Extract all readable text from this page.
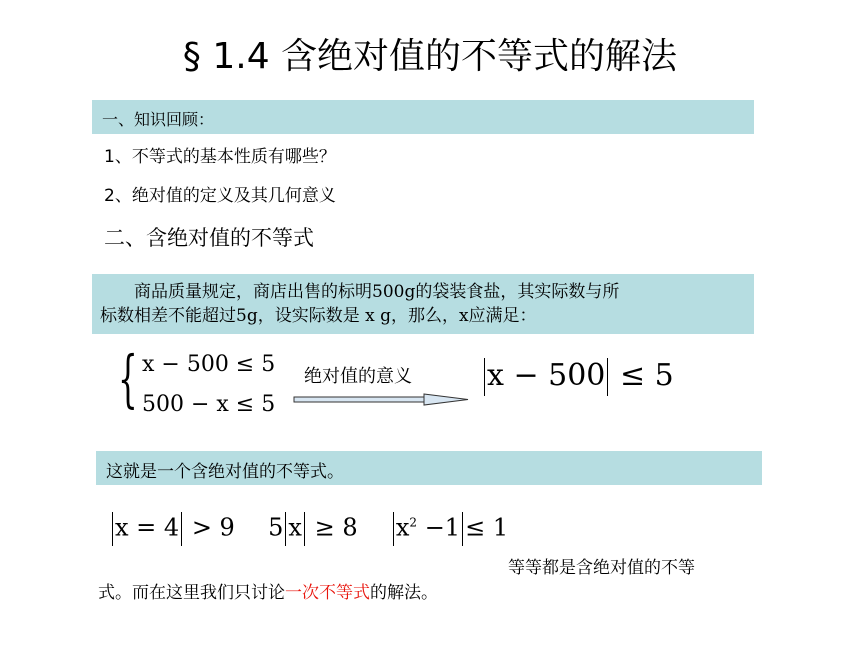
§ 1.4 含绝对值的不等式的解法
一、知识回顾：
1、不等式的基本性质有哪些？
2、绝对值的定义及其几何意义
二、含绝对值的不等式
商品质量规定，商店出售的标明500g的袋装食盐，其实际数与所
标数相差不能超过5g，设实际数是 x g，那么，x应满足：
{ x − 500 ≤ 5
500 − x ≤ 5
绝对值的意义	x − 500 ≤ 5
这就是一个含绝对值的不等式。
x = 4 > 9 5 x ≥ 8 $x^2 -1 \le 1$
等等都是含绝对值的不等
式。而在这里我们只讨论一次不等式的解法。
